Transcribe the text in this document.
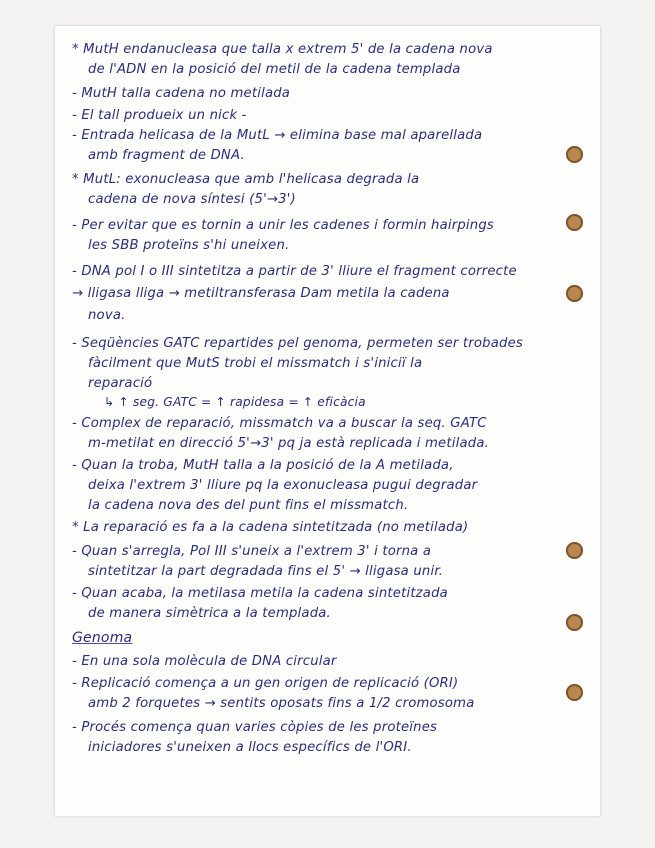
* MutH endanucleasa que talla x extrem 5' de la cadena nova
de l'ADN en la posició del metil de la cadena templada
- MutH talla cadena no metilada
- El tall produeix un nick -
- Entrada helicasa de la MutL → elimina base mal aparellada
amb fragment de DNA.
* MutL: exonucleasa que amb l'helicasa degrada la
cadena de nova síntesi (5'→3')
- Per evitar que es tornin a unir les cadenes i formin hairpings
les SBB proteïns s'hi uneixen.
- DNA pol I o III sintetitza a partir de 3' lliure el fragment correcte
→ lligasa lliga → metiltransferasa Dam metila la cadena
nova.
- Seqüències GATC repartides pel genoma, permeten ser trobades
fàcilment que MutS trobi el missmatch i s'iniciï la
reparació
↳ ↑ seg. GATC = ↑ rapidesa = ↑ eficàcia
- Complex de reparació, missmatch va a buscar la seq. GATC
m-metilat en direcció 5'→3' pq ja està replicada i metilada.
- Quan la troba, MutH talla a la posició de la A metilada,
deixa l'extrem 3' lliure pq la exonucleasa pugui degradar
la cadena nova des del punt fins el missmatch.
* La reparació es fa a la cadena sintetitzada (no metilada)
- Quan s'arregla, Pol III s'uneix a l'extrem 3' i torna a
sintetitzar la part degradada fins el 5' → lligasa unir.
- Quan acaba, la metilasa metila la cadena sintetitzada
de manera simètrica a la templada.
Genoma
- En una sola molècula de DNA circular
- Replicació comença a un gen origen de replicació (ORI)
amb 2 forquetes → sentits oposats fins a 1/2 cromosoma
- Procés comença quan varies còpies de les proteïnes
iniciadores s'uneixen a llocs específics de l'ORI.
